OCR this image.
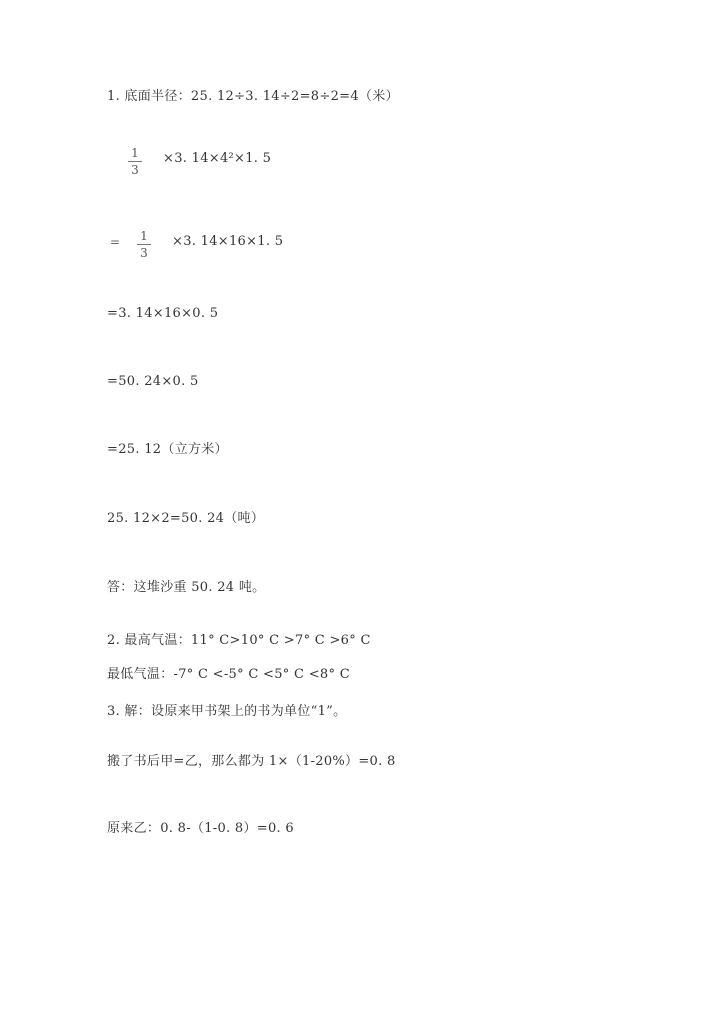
1. 底面半径：25. 12÷3. 14÷2=8÷2=4（米）
$\frac{1}{3} \times 3$. 14×4²×1. 5
= $\frac{1}{3} \times 3$. 14×16×1. 5
=3. 14×16×0. 5
=50. 24×0. 5
=25. 12（立方米）
25. 12×2=50. 24（吨）
答：这堆沙重 50. 24 吨。
2. 最高气温：11° C>10° C >7° C >6° C
最低气温：-7° C <-5° C <5° C <8° C
3. 解：设原来甲书架上的书为单位“1”。
搬了书后甲=乙，那么都为 1×（1-20%）=0. 8
原来乙：0. 8-（1-0. 8）=0. 6
